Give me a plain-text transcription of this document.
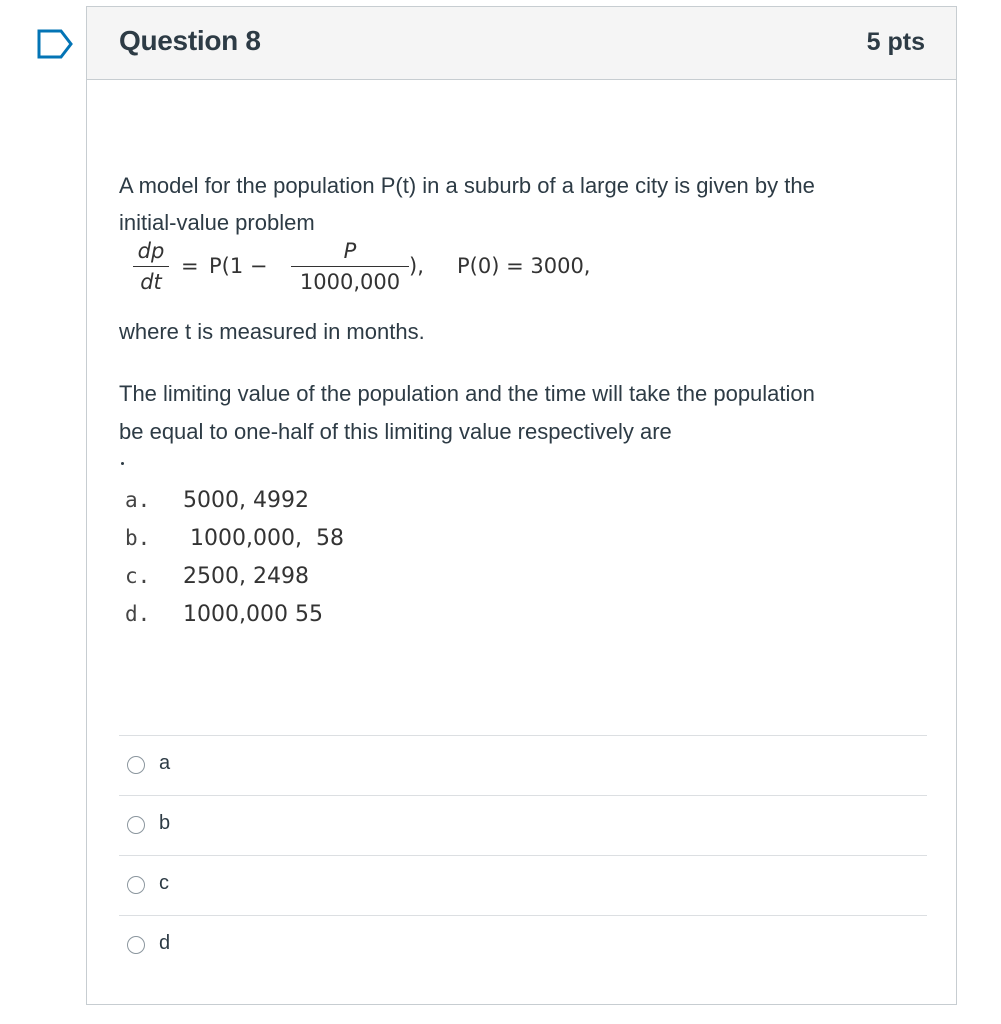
Question 8	5 pts
A model for the population P(t) in a suburb of a large city is given by the
initial-value problem
dp
dt
= P(1 −
P
1000,000
), P(0) = 3000,
where t is measured in months.
The limiting value of the population and the time will take the population
be equal to one-half of this limiting value respectively are
a. 5000, 4992
b. 1000,000,  58
c. 2500, 2498
d. 1000,000 55
a
b
c
d
